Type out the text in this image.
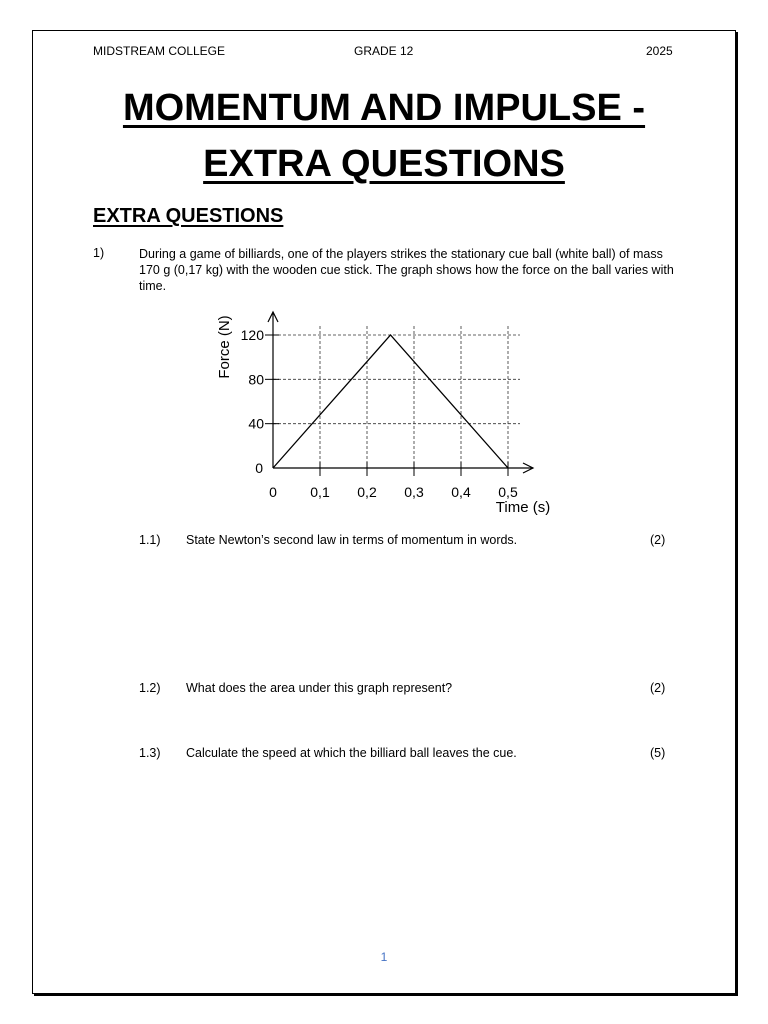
MIDSTREAM COLLEGE	GRADE 12	2025
MOMENTUM AND IMPULSE -
EXTRA QUESTIONS
EXTRA QUESTIONS
1)	During a game of billiards, one of the players strikes the stationary cue ball (white ball) of mass 170 g (0,17 kg) with the wooden cue stick. The graph shows how the force on the ball varies with time.
0
40
80
120
0 0,1 0,2 0,3 0,4 0,5
Time (s)
Force (N)
1.1) State Newton’s second law in terms of momentum in words.	(2)
1.2) What does the area under this graph represent?	(2)
1.3) Calculate the speed at which the billiard ball leaves the cue.	(5)
1
